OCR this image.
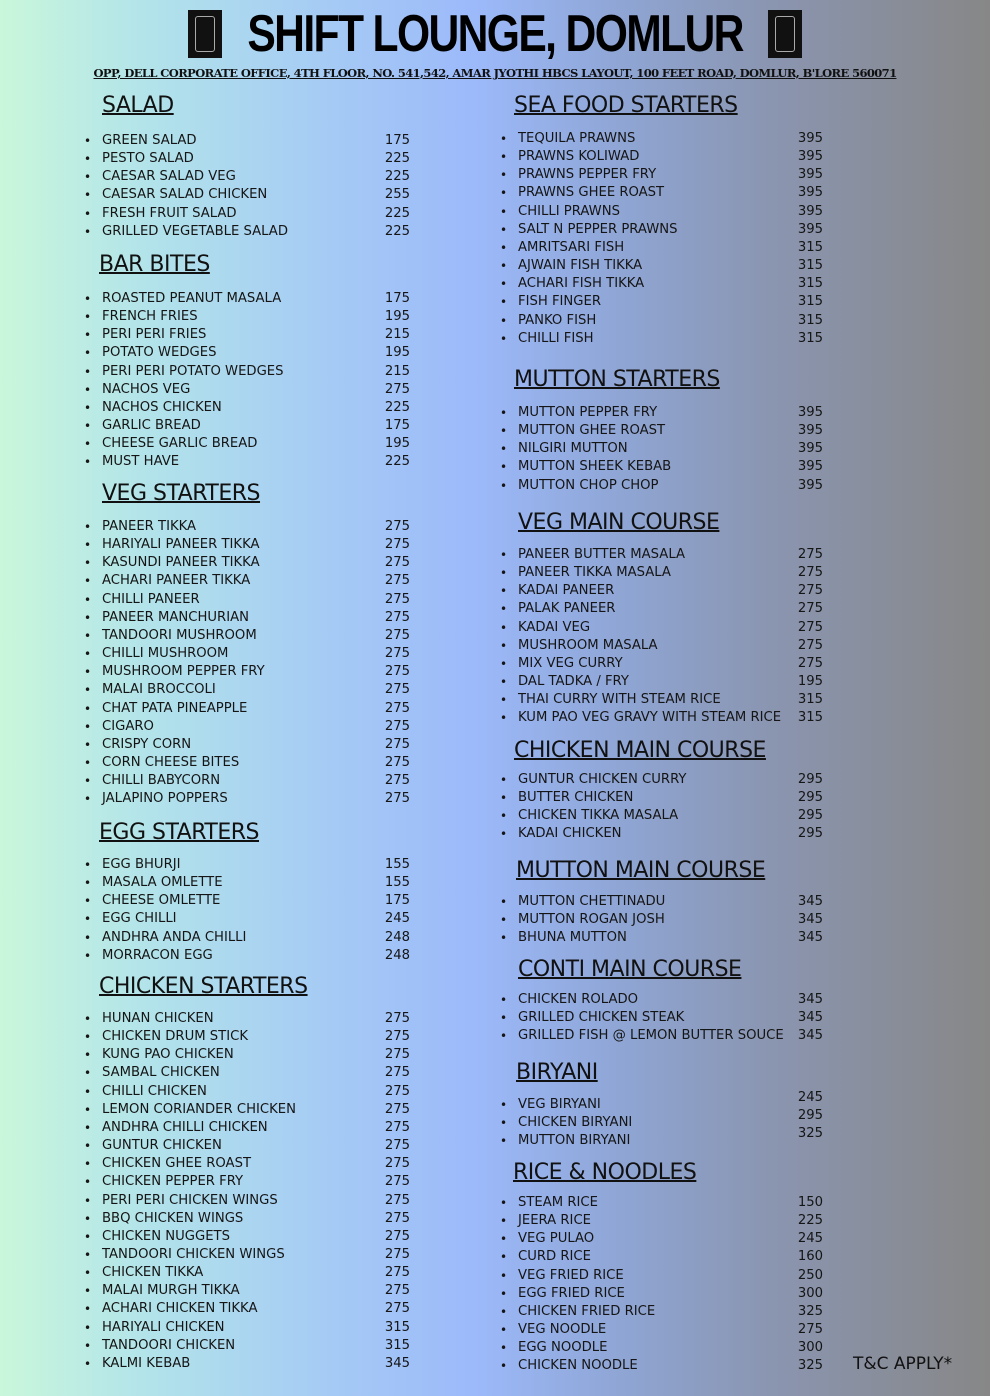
SHIFT LOUNGE, DOMLUR
OPP, DELL CORPORATE OFFICE, 4TH FLOOR, NO. 541,542, AMAR JYOTHI HBCS LAYOUT, 100 FEET ROAD, DOMLUR, B'LORE 560071
SALAD
• GREEN SALAD	175
• PESTO SALAD	225
• CAESAR SALAD VEG	225
• CAESAR SALAD CHICKEN	255
• FRESH FRUIT SALAD	225
• GRILLED VEGETABLE SALAD	225
BAR BITES
• ROASTED PEANUT MASALA	175
• FRENCH FRIES	195
• PERI PERI FRIES	215
• POTATO WEDGES	195
• PERI PERI POTATO WEDGES	215
• NACHOS VEG	275
• NACHOS CHICKEN	225
• GARLIC BREAD	175
• CHEESE GARLIC BREAD	195
• MUST HAVE	225
VEG STARTERS
• PANEER TIKKA	275
• HARIYALI PANEER TIKKA	275
• KASUNDI PANEER TIKKA	275
• ACHARI PANEER TIKKA	275
• CHILLI PANEER	275
• PANEER MANCHURIAN	275
• TANDOORI MUSHROOM	275
• CHILLI MUSHROOM	275
• MUSHROOM PEPPER FRY	275
• MALAI BROCCOLI	275
• CHAT PATA PINEAPPLE	275
• CIGARO	275
• CRISPY CORN	275
• CORN CHEESE BITES	275
• CHILLI BABYCORN	275
• JALAPINO POPPERS	275
EGG STARTERS
• EGG BHURJI	155
• MASALA OMLETTE	155
• CHEESE OMLETTE	175
• EGG CHILLI	245
• ANDHRA ANDA CHILLI	248
• MORRACON EGG	248
CHICKEN STARTERS
• HUNAN CHICKEN	275
• CHICKEN DRUM STICK	275
• KUNG PAO CHICKEN	275
• SAMBAL CHICKEN	275
• CHILLI CHICKEN	275
• LEMON CORIANDER CHICKEN	275
• ANDHRA CHILLI CHICKEN	275
• GUNTUR CHICKEN	275
• CHICKEN GHEE ROAST	275
• CHICKEN PEPPER FRY	275
• PERI PERI CHICKEN WINGS	275
• BBQ CHICKEN WINGS	275
• CHICKEN NUGGETS	275
• TANDOORI CHICKEN WINGS	275
• CHICKEN TIKKA	275
• MALAI MURGH TIKKA	275
• ACHARI CHICKEN TIKKA	275
• HARIYALI CHICKEN	315
• TANDOORI CHICKEN	315
• KALMI KEBAB	345
SEA FOOD STARTERS
• TEQUILA PRAWNS	395
• PRAWNS KOLIWAD	395
• PRAWNS PEPPER FRY	395
• PRAWNS GHEE ROAST	395
• CHILLI PRAWNS	395
• SALT N PEPPER PRAWNS	395
• AMRITSARI FISH	315
• AJWAIN FISH TIKKA	315
• ACHARI FISH TIKKA	315
• FISH FINGER	315
• PANKO FISH	315
• CHILLI FISH	315
MUTTON STARTERS
• MUTTON PEPPER FRY	395
• MUTTON GHEE ROAST	395
• NILGIRI MUTTON	395
• MUTTON SHEEK KEBAB	395
• MUTTON CHOP CHOP	395
VEG MAIN COURSE
• PANEER BUTTER MASALA	275
• PANEER TIKKA MASALA	275
• KADAI PANEER	275
• PALAK PANEER	275
• KADAI VEG	275
• MUSHROOM MASALA	275
• MIX VEG CURRY	275
• DAL TADKA / FRY	195
• THAI CURRY WITH STEAM RICE	315
• KUM PAO VEG GRAVY WITH STEAM RICE	315
CHICKEN MAIN COURSE
• GUNTUR CHICKEN CURRY	295
• BUTTER CHICKEN	295
• CHICKEN TIKKA MASALA	295
• KADAI CHICKEN	295
MUTTON MAIN COURSE
• MUTTON CHETTINADU	345
• MUTTON ROGAN JOSH	345
• BHUNA MUTTON	345
CONTI MAIN COURSE
• CHICKEN ROLADO	345
• GRILLED CHICKEN STEAK	345
• GRILLED FISH @ LEMON BUTTER SOUCE	345
BIRYANI
• VEG BIRYANI	245
• CHICKEN BIRYANI	295
• MUTTON BIRYANI	325
RICE & NOODLES
• STEAM RICE	150
• JEERA RICE	225
• VEG PULAO	245
• CURD RICE	160
• VEG FRIED RICE	250
• EGG FRIED RICE	300
• CHICKEN FRIED RICE	325
• VEG NOODLE	275
• EGG NOODLE	300
• CHICKEN NOODLE	325 T&C APPLY*
